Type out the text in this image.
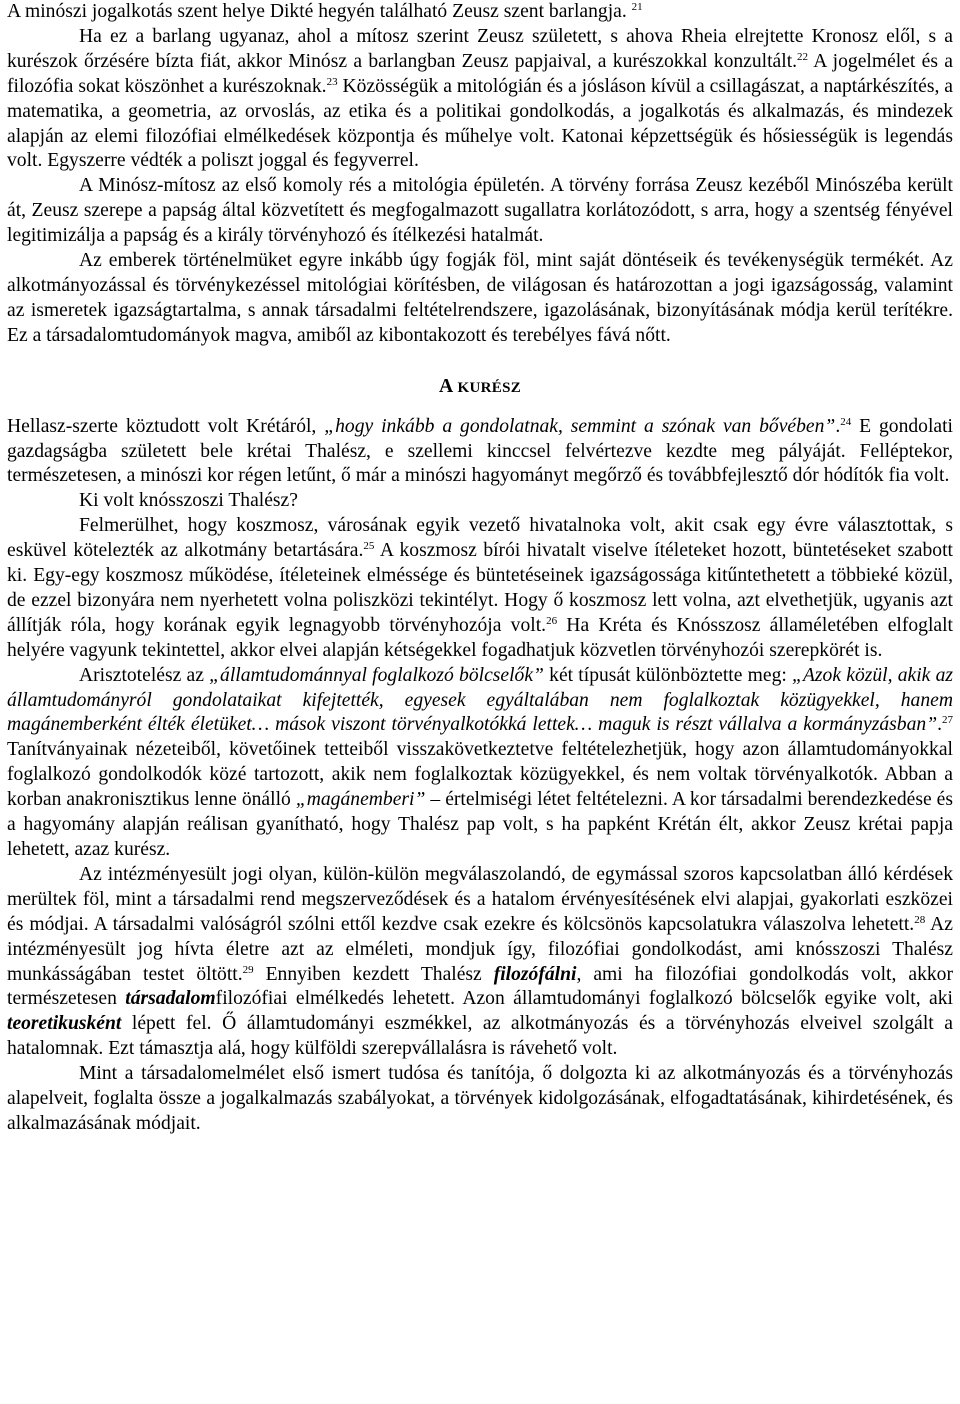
A minószi jogalkotás szent helye Dikté hegyén található Zeusz szent barlangja. $^{21}$

Ha ez a barlang ugyanaz, ahol a mítosz szerint Zeusz született, s ahova Rheia elrejtette Kronosz elől, s a kurészok őrzésére bízta fiát, akkor Minósz a barlangban Zeusz papjaival, a kurészokkal konzultált.$^{22}$ A jogelmélet és a filozófia sokat köszönhet a kurészoknak.$^{23}$ Közösségük a mitológián és a jósláson kívül a csillagászat, a naptárkészítés, a matematika, a geometria, az orvoslás, az etika és a politikai gondolkodás, a jogalkotás és alkalmazás, és mindezek alapján az elemi filozófiai elmélkedések központja és műhelye volt. Katonai képzettségük és hősiességük is legendás volt. Egyszerre védték a poliszt joggal és fegyverrel.

A Minósz-mítosz az első komoly rés a mitológia épületén. A törvény forrása Zeusz kezéből Minószéba került át, Zeusz szerepe a papság által közvetített és megfogalmazott sugallatra korlátozódott, s arra, hogy a szentség fényével legitimizálja a papság és a király törvényhozó és ítélkezési hatalmát.

Az emberek történelmüket egyre inkább úgy fogják föl, mint saját döntéseik és tevékenységük termékét. Az alkotmányozással és törvénykezéssel mitológiai körítésben, de világosan és határozottan a jogi igazságosság, valamint az ismeretek igazságtartalma, s annak társadalmi feltételrendszere, igazolásának, bizonyításának módja kerül terítékre. Ez a társadalomtudományok magva, amiből az kibontakozott és terebélyes fává nőtt.

A KURÉSZ

Hellasz-szerte köztudott volt Krétáról, „hogy inkább a gondolatnak, semmint a szónak van bővében”.$^{24}$ E gondolati gazdagságba született bele krétai Thalész, e szellemi kinccsel felvértezve kezdte meg pályáját. Felléptekor, természetesen, a minószi kor régen letűnt, ő már a minószi hagyományt megőrző és továbbfejlesztő dór hódítók fia volt.

Ki volt knósszoszi Thalész?

Felmerülhet, hogy koszmosz, városának egyik vezető hivatalnoka volt, akit csak egy évre választottak, s esküvel kötelezték az alkotmány betartására.$^{25}$ A koszmosz bírói hivatalt viselve ítéleteket hozott, büntetéseket szabott ki. Egy-egy koszmosz működése, ítéleteinek elméssége és büntetéseinek igazságossága kitűntethetett a többieké közül, de ezzel bizonyára nem nyerhetett volna poliszközi tekintélyt. Hogy ő koszmosz lett volna, azt elvethetjük, ugyanis azt állítják róla, hogy korának egyik legnagyobb törvényhozója volt.$^{26}$ Ha Kréta és Knósszosz államéletében elfoglalt helyére vagyunk tekintettel, akkor elvei alapján kétségekkel fogadhatjuk közvetlen törvényhozói szerepkörét is.

Arisztotelész az „államtudománnyal foglalkozó bölcselők” két típusát különböztette meg: „Azok közül, akik az államtudományról gondolataikat kifejtették, egyesek egyáltalában nem foglalkoztak közügyekkel, hanem magánemberként élték életüket… mások viszont törvényalkotókká lettek… maguk is részt vállalva a kormányzásban”.$^{27}$ Tanítványainak nézeteiből, követőinek tetteiből visszakövetkeztetve feltételezhetjük, hogy azon államtudományokkal foglalkozó gondolkodók közé tartozott, akik nem foglalkoztak közügyekkel, és nem voltak törvényalkotók. Abban a korban anakronisztikus lenne önálló „magánemberi” – értelmiségi létet feltételezni. A kor társadalmi berendezkedése és a hagyomány alapján reálisan gyanítható, hogy Thalész pap volt, s ha papként Krétán élt, akkor Zeusz krétai papja lehetett, azaz kurész.

Az intézményesült jogi olyan, külön-külön megválaszolandó, de egymással szoros kapcsolatban álló kérdések merültek föl, mint a társadalmi rend megszerveződések és a hatalom érvényesítésének elvi alapjai, gyakorlati eszközei és módjai. A társadalmi valóságról szólni ettől kezdve csak ezekre és kölcsönös kapcsolatukra válaszolva lehetett.$^{28}$ Az intézményesült jog hívta életre azt az elméleti, mondjuk így, filozófiai gondolkodást, ami knósszoszi Thalész munkásságában testet öltött.$^{29}$ Ennyiben kezdett Thalész filozófálni, ami ha filozófiai gondolkodás volt, akkor természetesen társadalomfilozófiai elmélkedés lehetett. Azon államtudományi foglalkozó bölcselők egyike volt, aki teoretikusként lépett fel. Ő államtudományi eszmékkel, az alkotmányozás és a törvényhozás elveivel szolgált a hatalomnak. Ezt támasztja alá, hogy külföldi szerepvállalásra is rávehető volt.

Mint a társadalomelmélet első ismert tudósa és tanítója, ő dolgozta ki az alkotmányozás és a törvényhozás alapelveit, foglalta össze a jogalkalmazás szabályokat, a törvények kidolgozásának, elfogadtatásának, kihirdetésének, és alkalmazásának módjait.
